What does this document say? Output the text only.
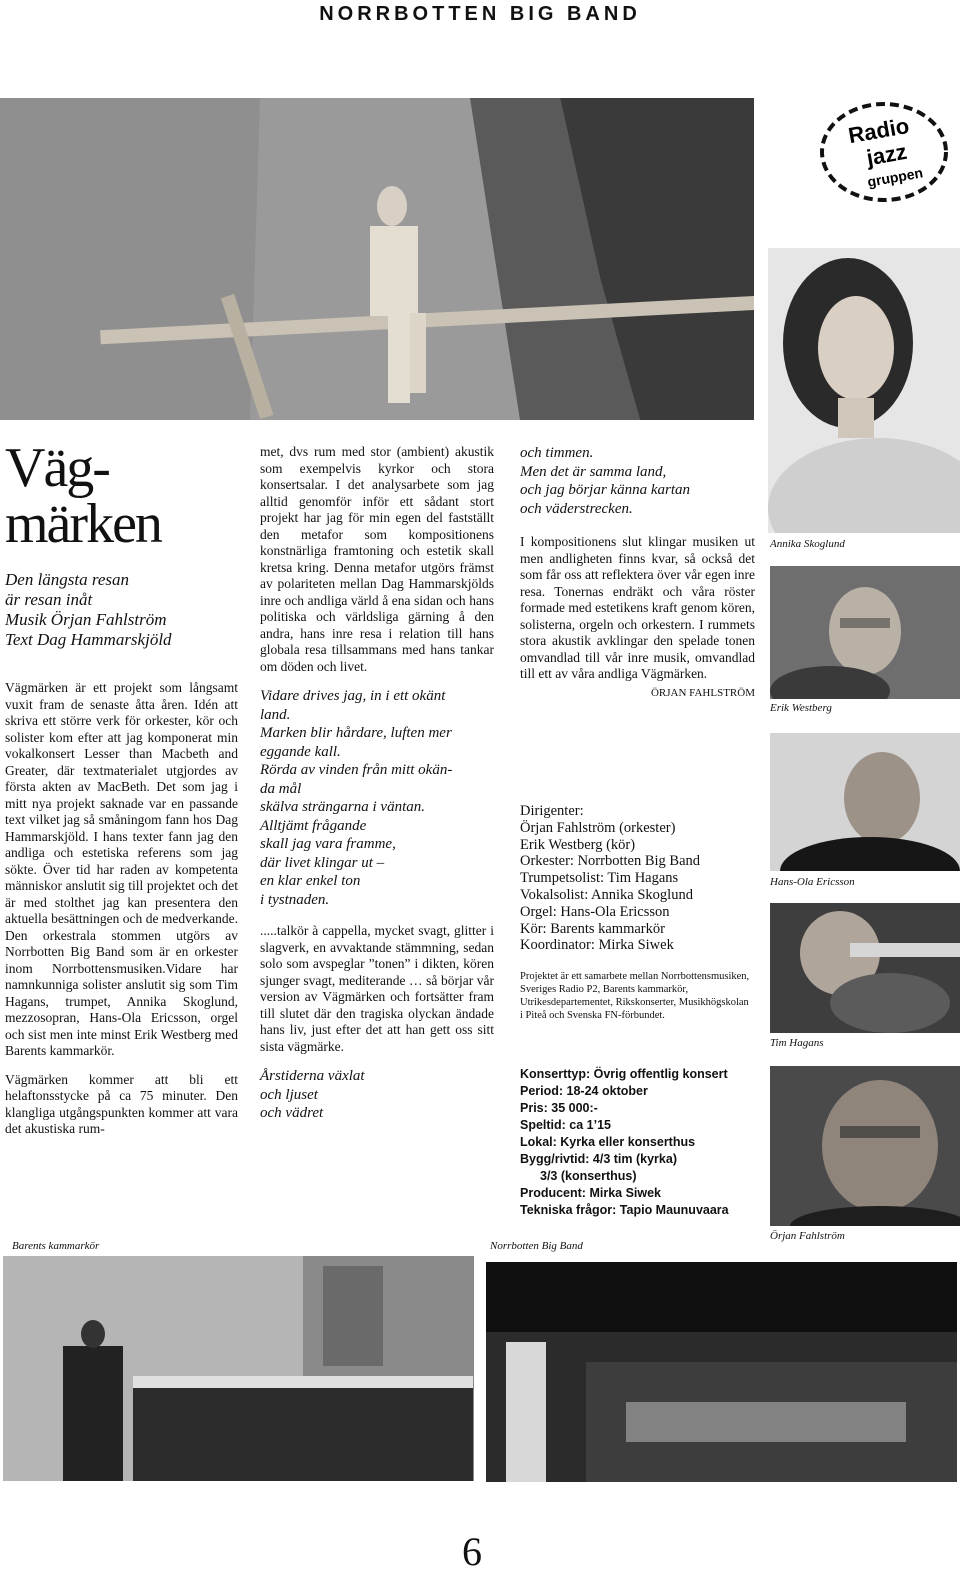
NORRBOTTEN BIG BAND
Radio
jazz
gruppen
Annika Skoglund
Erik Westberg
Hans-Ola Ericsson
Tim Hagans
Örjan Fahlström
Väg-
märken
Den längsta resan
är resan inåt
Musik Örjan Fahlström
Text Dag Hammarskjöld

Vägmärken är ett projekt som långsamt vuxit fram de senaste åtta åren. Idén att skriva ett större verk för orkester, kör och solister kom efter att jag komponerat min vokalkonsert Lesser than Macbeth and Greater, där textmaterialet utgjordes av första akten av MacBeth. Det som jag i mitt nya projekt saknade var en passande text vilket jag så småningom fann hos Dag Hammarskjöld. I hans texter fann jag den andliga och estetiska referens som jag sökte. Över tid har raden av kompetenta människor anslutit sig till projektet och det är med stolthet jag kan presentera den aktuella besättningen och de medverkande. Den orkestrala stommen utgörs av Norrbotten Big Band som är en orkester inom Norrbottensmusiken.Vidare har namnkunniga solister anslutit sig som Tim Hagans, trumpet, Annika Skoglund, mezzosopran, Hans-Ola Ericsson, orgel och sist men inte minst Erik Westberg med Barents kammarkör.

Vägmärken kommer att bli ett helaftonsstycke på ca 75 minuter. Den klangliga utgångspunkten kommer att vara det akustiska rum-

met, dvs rum med stor (ambient) akustik som exempelvis kyrkor och stora konsertsalar. I det analysarbete som jag alltid genomför inför ett sådant stort projekt har jag för min egen del fastställt den metafor som kompositionens konstnärliga framtoning och estetik skall kretsa kring. Denna metafor utgörs främst av polariteten mellan Dag Hammarskjölds inre och andliga värld å ena sidan och hans politiska och världsliga gärning å den andra, hans inre resa i relation till hans globala resa tillsammans med hans tankar om döden och livet.

Vidare drives jag, in i ett okänt
land.
Marken blir hårdare, luften mer
eggande kall.
Rörda av vinden från mitt okän-
da mål
skälva strängarna i väntan.
Alltjämt frågande
skall jag vara framme,
där livet klingar ut –
en klar enkel ton
i tystnaden.

.....talkör à cappella, mycket svagt, glitter i slagverk, en avvaktande stämmning, sedan solo som avspeglar ”tonen” i dikten, kören sjunger svagt, mediterande … så börjar vår version av Vägmärken och fortsätter fram till slutet där den tragiska olyckan ändade hans liv, just efter det att han gett oss sitt sista vägmärke.

Årstiderna växlat
och ljuset
och vädret
och timmen.
Men det är samma land,
och jag börjar känna kartan
och väderstrecken.

I kompositionens slut klingar musiken ut men andligheten finns kvar, så också det som får oss att reflektera över vår egen inre resa. Tonernas endräkt och våra röster formade med estetikens kraft genom kören, solisterna, orgeln och orkestern. I rummets stora akustik avklingar den spelade tonen omvandlad till vår inre musik, omvandlad till ett av våra andliga Vägmärken.

ÖRJAN FAHLSTRÖM
Dirigenter:
Örjan Fahlström (orkester)
Erik Westberg (kör)
Orkester: Norrbotten Big Band
Trumpetsolist: Tim Hagans
Vokalsolist: Annika Skoglund
Orgel: Hans-Ola Ericsson
Kör: Barents kammarkör
Koordinator: Mirka Siwek
Projektet är ett samarbete mellan Norrbottensmusiken, Sveriges Radio P2, Barents kammarkör, Utrikesdepartementet, Rikskonserter, Musikhögskolan i Piteå och Svenska FN-förbundet.
Konserttyp: Övrig offentlig konsert
Period: 18-24 oktober
Pris: 35 000:-
Speltid: ca 1’15
Lokal: Kyrka eller konserthus
Bygg/rivtid: 4/3 tim (kyrka)
3/3 (konserthus)
Producent: Mirka Siwek
Tekniska frågor: Tapio Maunuvaara
Barents kammarkör	Norrbotten Big Band
6
